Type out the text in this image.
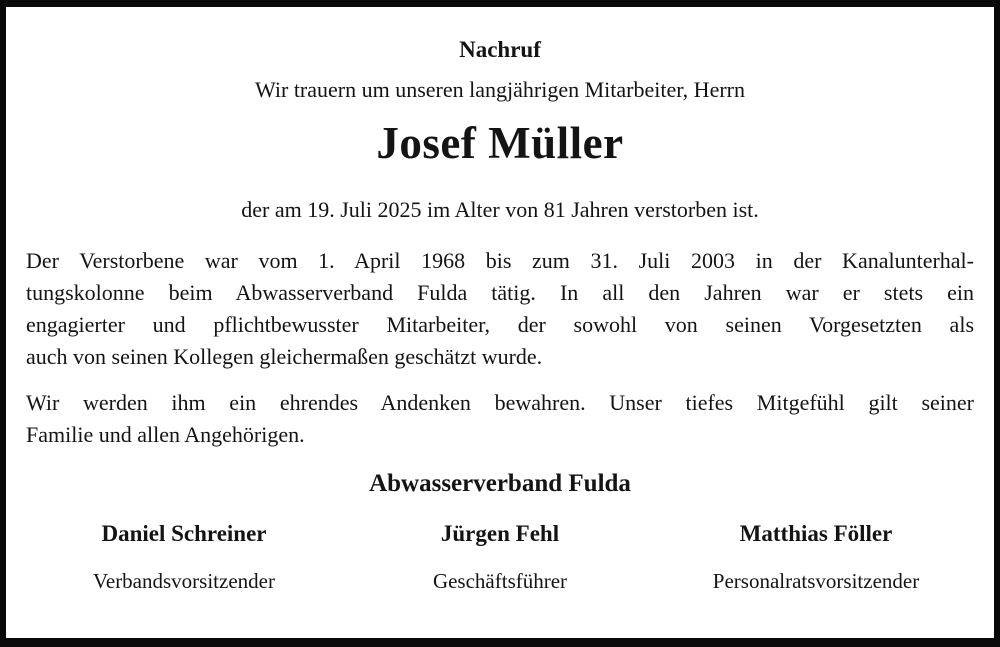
Nachruf
Wir trauern um unseren langjährigen Mitarbeiter, Herrn
Josef Müller
der am 19. Juli 2025 im Alter von 81 Jahren verstorben ist.
Der Verstorbene war vom 1. April 1968 bis zum 31. Juli 2003 in der Kanalunterhal-
tungskolonne beim Abwasserverband Fulda tätig. In all den Jahren war er stets ein
engagierter und pflichtbewusster Mitarbeiter, der sowohl von seinen Vorgesetzten als
auch von seinen Kollegen gleichermaßen geschätzt wurde.
Wir werden ihm ein ehrendes Andenken bewahren. Unser tiefes Mitgefühl gilt seiner
Familie und allen Angehörigen.
Abwasserverband Fulda
Daniel Schreiner
Verbandsvorsitzender
Jürgen Fehl
Geschäftsführer
Matthias Föller
Personalratsvorsitzender
